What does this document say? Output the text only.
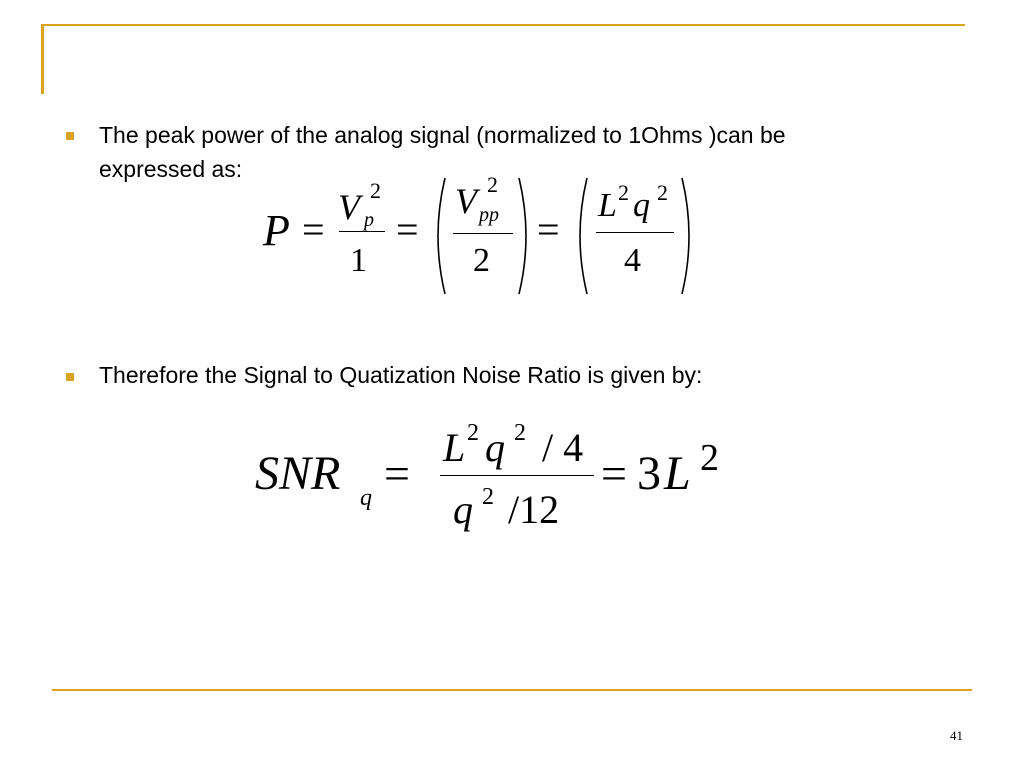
The peak power of the analog signal (normalized to 1Ohms )can be
expressed as:
P = V p
2
1
=
V pp
2
2
=
L 2 q 2
4
Therefore the Signal to Quatization Noise Ratio is given by:
SNR q =
L 2 q 2 / 4
q 2 /12
= 3 L 2
41
